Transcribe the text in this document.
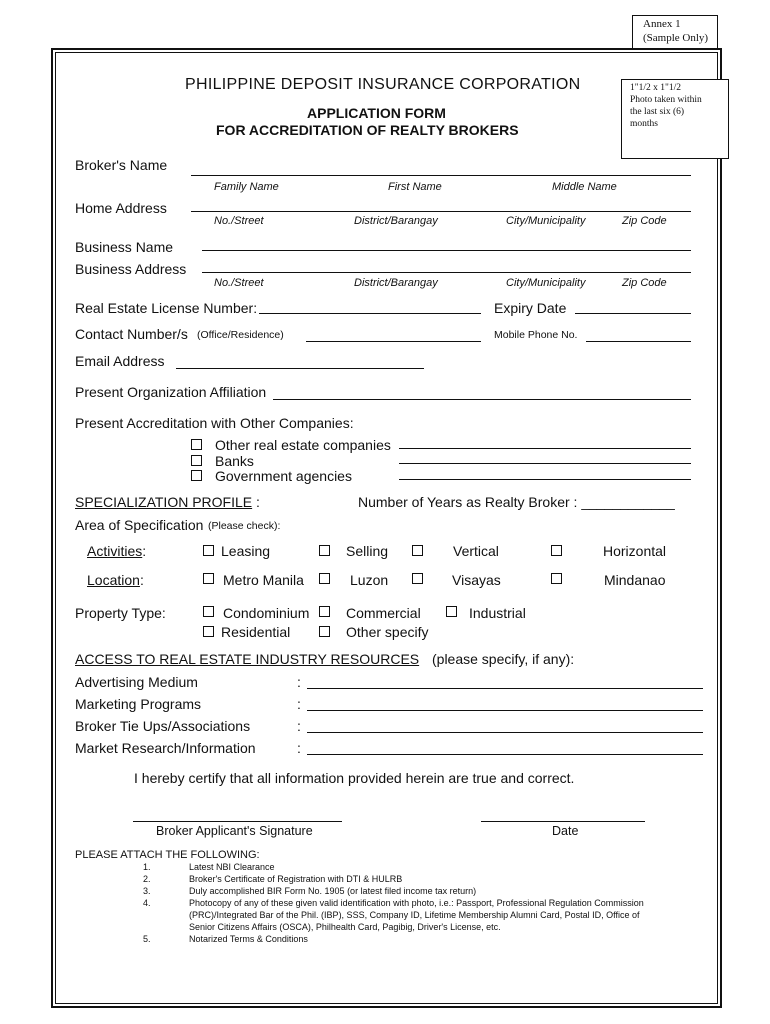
Annex 1
(Sample Only)
PHILIPPINE DEPOSIT INSURANCE CORPORATION
APPLICATION FORM
FOR ACCREDITATION OF REALTY BROKERS
1"1/2 x 1"1/2
Photo taken within
the last six (6)
months
Broker's Name
Family Name	First Name	Middle Name
Home Address
No./Street	District/Barangay	City/Municipality	Zip Code
Business Name
Business Address
No./Street	District/Barangay	City/Municipality	Zip Code
Real Estate License Number:	Expiry Date
Contact Number/s (Office/Residence)	Mobile Phone No.
Email Address
Present Organization Affiliation
Present Accreditation with Other Companies:
Other real estate companies
Banks
Government agencies
SPECIALIZATION PROFILE :	Number of Years as Realty Broker : ____________
Area of Specification (Please check):
Activities:	Leasing	Selling	Vertical	Horizontal
Location:	Metro Manila	Luzon	Visayas	Mindanao
Property Type:	Condominium	Commercial	Industrial
Residential	Other specify
ACCESS TO REAL ESTATE INDUSTRY RESOURCES (please specify, if any):
Advertising Medium	:
Marketing Programs	:
Broker Tie Ups/Associations	:
Market Research/Information	:
I hereby certify that all information provided herein are true and correct.
Broker Applicant's Signature	Date
PLEASE ATTACH THE FOLLOWING:
1.	Latest NBI Clearance
2.	Broker's Certificate of Registration with DTI & HULRB
3.	Duly accomplished BIR Form No. 1905 (or latest filed income tax return)
4.	Photocopy of any of these given valid identification with photo, i.e.: Passport, Professional Regulation Commission
(PRC)/Integrated Bar of the Phil. (IBP), SSS, Company ID, Lifetime Membership Alumni Card, Postal ID, Office of
Senior Citizens Affairs (OSCA), Philhealth Card, Pagibig, Driver's License, etc.
5.	Notarized Terms & Conditions
